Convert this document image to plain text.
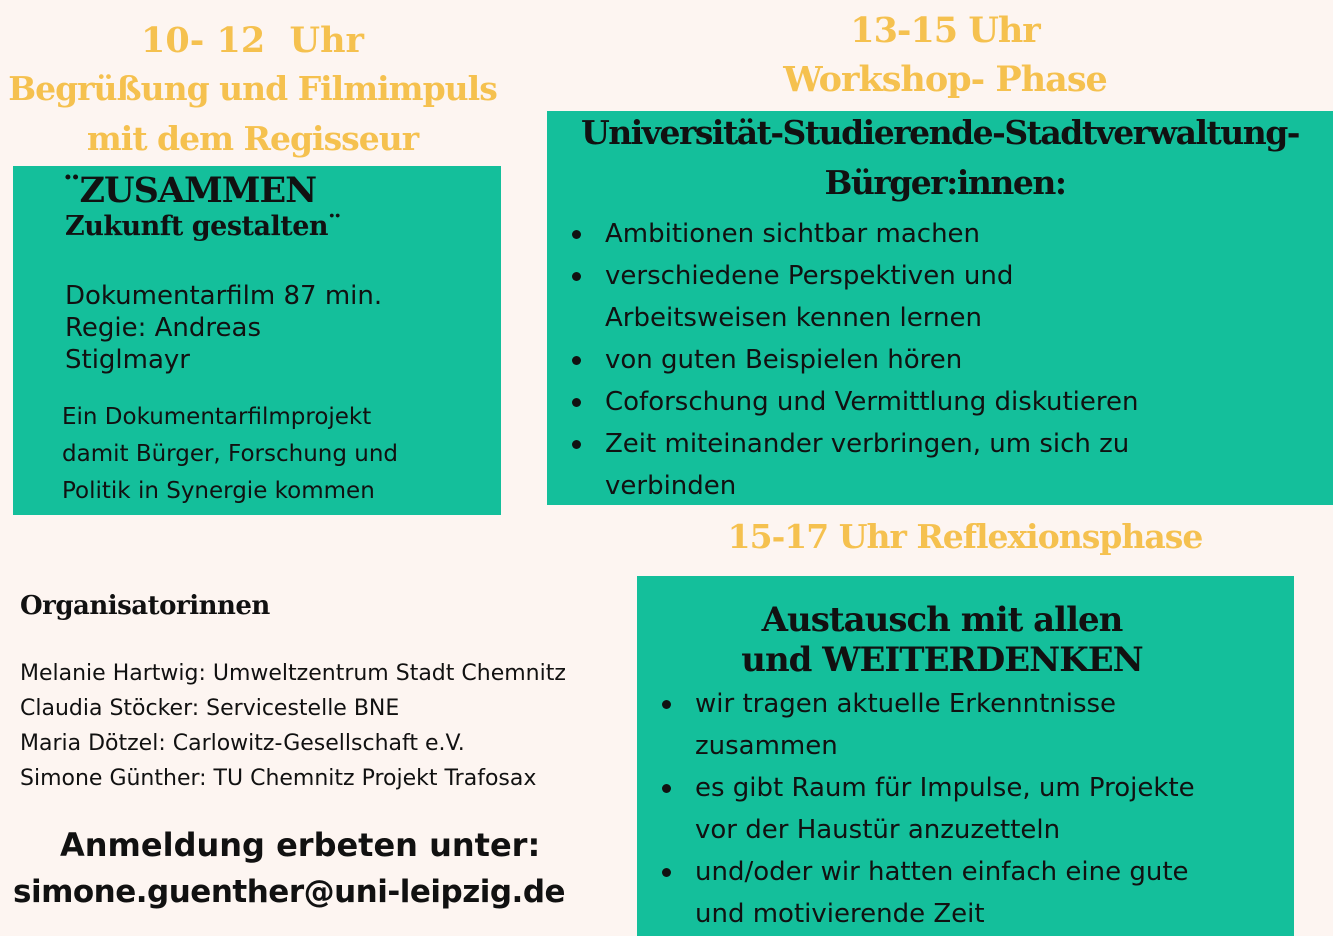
10- 12  Uhr
Begrüßung und Filmimpuls
mit dem Regisseur
¨ZUSAMMEN
Zukunft gestalten¨
Dokumentarfilm 87 min.
Regie: Andreas
Stiglmayr
Ein Dokumentarfilmprojekt
damit Bürger, Forschung und
Politik in Synergie kommen
13-15 Uhr
Workshop- Phase
Universität-Studierende-Stadtverwaltung-
Bürger:innen:
Ambitionen sichtbar machen
verschiedene Perspektiven und
Arbeitsweisen kennen lernen
von guten Beispielen hören
Coforschung und Vermittlung diskutieren
Zeit miteinander verbringen, um sich zu
verbinden
15-17 Uhr Reflexionsphase
Austausch mit allen
und WEITERDENKEN
wir tragen aktuelle Erkenntnisse
zusammen
es gibt Raum für Impulse, um Projekte
vor der Haustür anzuzetteln
und/oder wir hatten einfach eine gute
und motivierende Zeit
Organisatorinnen
Melanie Hartwig: Umweltzentrum Stadt Chemnitz
Claudia Stöcker: Servicestelle BNE
Maria Dötzel: Carlowitz-Gesellschaft e.V.
Simone Günther: TU Chemnitz Projekt Trafosax
Anmeldung erbeten unter:
simone.guenther@uni-leipzig.de
